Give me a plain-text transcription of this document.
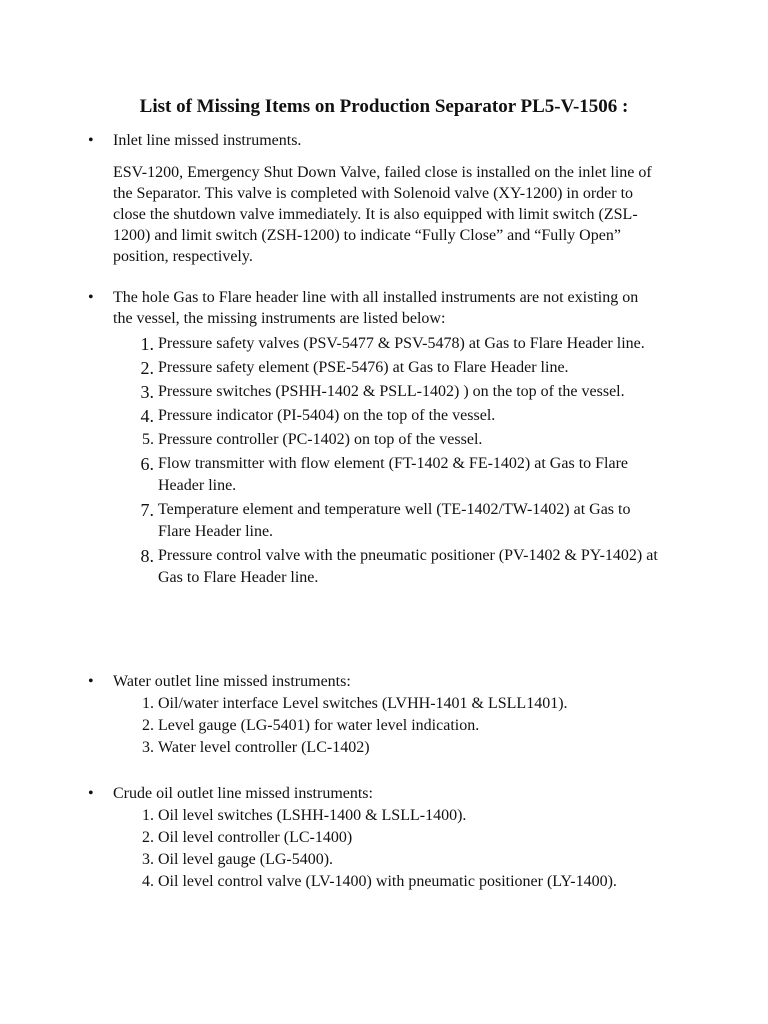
List of Missing Items on Production Separator PL5-V-1506 :
• Inlet line missed instruments.

ESV-1200, Emergency Shut Down Valve, failed close is installed on the inlet line of the Separator. This valve is completed with Solenoid valve (XY-1200) in order to close the shutdown valve immediately. It is also equipped with limit switch (ZSL-1200) and limit switch (ZSH-1200) to indicate “Fully Close” and “Fully Open” position, respectively.

• The hole Gas to Flare header line with all installed instruments are not existing on the vessel, the missing instruments are listed below:

1. Pressure safety valves (PSV-5477 & PSV-5478) at Gas to Flare Header line.
2. Pressure safety element (PSE-5476) at Gas to Flare Header line.
3. Pressure switches (PSHH-1402 & PSLL-1402) ) on the top of the vessel.
4. Pressure indicator (PI-5404) on the top of the vessel.
5. Pressure controller (PC-1402) on top of the vessel.
6. Flow transmitter with flow element (FT-1402 & FE-1402) at Gas to Flare Header line.
7. Temperature element and temperature well (TE-1402/TW-1402) at Gas to Flare Header line.
8. Pressure control valve with the pneumatic positioner (PV-1402 & PY-1402) at Gas to Flare Header line.
• Water outlet line missed instruments:

1. Oil/water interface Level switches (LVHH-1401 & LSLL1401).
2. Level gauge (LG-5401) for water level indication.
3. Water level controller (LC-1402)
• Crude oil outlet line missed instruments:

1. Oil level switches (LSHH-1400 & LSLL-1400).
2. Oil level controller (LC-1400)
3. Oil level gauge (LG-5400).
4. Oil level control valve (LV-1400) with pneumatic positioner (LY-1400).
